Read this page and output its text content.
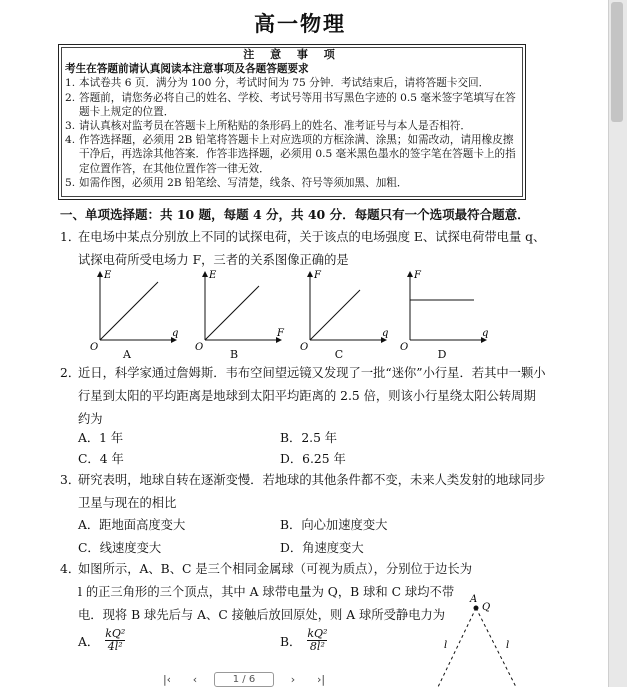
高一物理
注 意 事 项
考生在答题前请认真阅读本注意事项及各题答题要求
1. 本试卷共 6 页．满分为 100 分，考试时间为 75 分钟．考试结束后，请将答题卡交回．
2. 答题前，请您务必将自己的姓名、学校、考试号等用书写黑色字迹的 0.5 毫米签字笔填写在答题卡上规定的位置．
3. 请认真核对监考员在答题卡上所粘贴的条形码上的姓名、准考证号与本人是否相符．
4. 作答选择题，必须用 2B 铅笔将答题卡上对应选项的方框涂满、涂黑；如需改动，请用橡皮擦干净后，再选涂其他答案．作答非选择题，必须用 0.5 毫米黑色墨水的签字笔在答题卡上的指定位置作答，在其他位置作答一律无效．
5. 如需作图，必须用 2B 铅笔绘、写清楚，线条、符号等须加黑、加粗．
一、单项选择题：共 10 题，每题 4 分，共 40 分．每题只有一个选项最符合题意．
1．
在电场中某点分别放上不同的试探电荷，关于该点的电场强度 E、试探电荷带电量 q、试探电荷所受电场力 F，三者的关系图像正确的是
E
q
O
E
F
O
F
q
O
F
q
O
A	B	C	D
2．
近日，科学家通过詹姆斯．韦布空间望远镜又发现了一批“迷你”小行星．若其中一颗小行星到太阳的平均距离是地球到太阳平均距离的 2.5 倍，则该小行星绕太阳公转周期约为
A．1 年	B．2.5 年
C．4 年	D．6.25 年
3．
研究表明，地球自转在逐渐变慢．若地球的其他条件都不变，未来人类发射的地球同步卫星与现在的相比
A．距地面高度变大	B．向心加速度变大
C．线速度变大	D．角速度变大
4．
如图所示，A、B、C 是三个相同金属球（可视为质点），分别位于边长为 l 的正三角形的三个顶点，其中 A 球带电量为 Q，B 球和 C 球均不带电．现将 B 球先后与 A、C 接触后放回原处，则 A 球所受静电力为
A． $\frac{\text{kQ²}}{\text{4l²}}$	B． $\frac{\text{kQ²}}{\text{8l²}}$
A
Q
l	l
|‹	‹	1 / 6	›	›|
